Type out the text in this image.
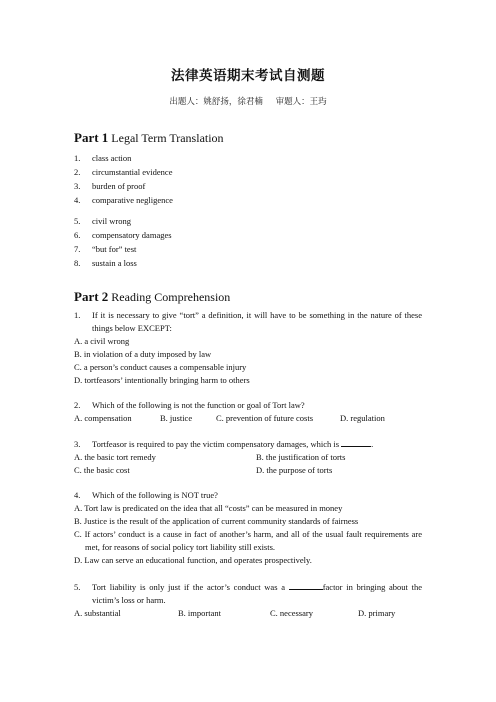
法律英语期末考试自测题
出题人：姚舒扬，徐君楠 审题人：王玙
Part 1 Legal Term Translation
1. class action
2. circumstantial evidence
3. burden of proof
4. comparative negligence
5. civil wrong
6. compensatory damages
7. “but for” test
8. sustain a loss
Part 2 Reading Comprehension
1. If it is necessary to give “tort” a definition, it will have to be something in the nature of these things below EXCEPT:
A. a civil wrong
B. in violation of a duty imposed by law
C. a person’s conduct causes a compensable injury
D. tortfeasors’ intentionally bringing harm to others
2. Which of the following is not the function or goal of Tort law?
A. compensation	B. justice	C. prevention of future costs	D. regulation
3. Tortfeasor is required to pay the victim compensatory damages, which is	.
A. the basic tort remedy	B. the justification of torts
C. the basic cost	D. the purpose of torts
4. Which of the following is NOT true?
A. Tort law is predicated on the idea that all “costs” can be measured in money
B. Justice is the result of the application of current community standards of fairness
C. If actors’ conduct is a cause in fact of another’s harm, and all of the usual fault requirements are met, for reasons of social policy tort liability still exists.
D. Law can serve an educational function, and operates prospectively.
5. Tort liability is only just if the actor’s conduct was a	factor in bringing about the victim’s loss or harm.
A. substantial	B. important	C. necessary	D. primary
